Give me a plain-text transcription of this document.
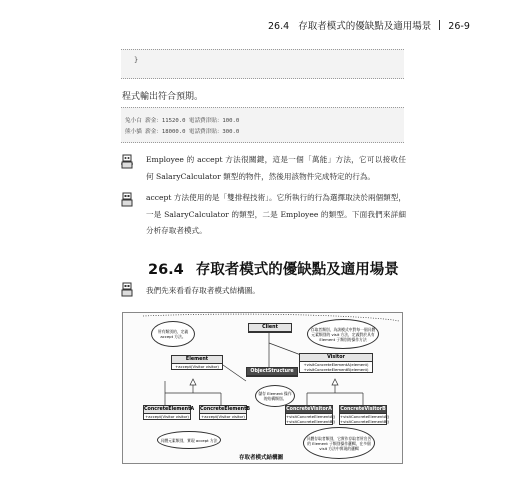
26.4 存取者模式的優缺點及適用場景 26-9
}
程式輸出符合預期。
兔小白 薪金：11520.0 電話費津貼：100.0
熊小貓 薪金：18000.0 電話費津貼：300.0
Employee 的 accept 方法很關鍵，這是一個「萬能」方法，它可以接收任何 SalaryCalculator 類型的物件，然後用該物件完成特定的行為。
accept 方法使用的是「雙排程技術」。它所執行的行為選擇取決於兩個類型，一是 SalaryCalculator 的類型，二是 Employee 的類型。下面我們來詳細分析存取者模式。
26.4 存取者模式的優缺點及適用場景
我們先來看看存取者模式結構圖。
Client
Element
+accept(Visitor visitor)
ObjectStructure
Visitor
+visitConcreteElementA(element)
+visitConcreteElementB(element)
ConcreteElementA
+accept(Visitor visitor)
ConcreteElementB
+accept(Visitor visitor)
ConcreteVisitorA
+visitConcreteElementA()
+visitConcreteElementB()
ConcreteVisitorB
+visitConcreteElementA()
+visitConcreteElementB()
所有類別的，定義 accept 方法。
存取者類別，為該模式中對每一個具體元素類別的 visit 方法，定義對於具有 Element 子類別的操作方法
儲存 Element 操作的結構類別。
具體元素類別，實現 accept 方法	具體存取者類別，它實作存取者所宣告的 Element 子類別操作邏輯，在多個 visit 方法中實現的邏輯
存取者模式結構圖
